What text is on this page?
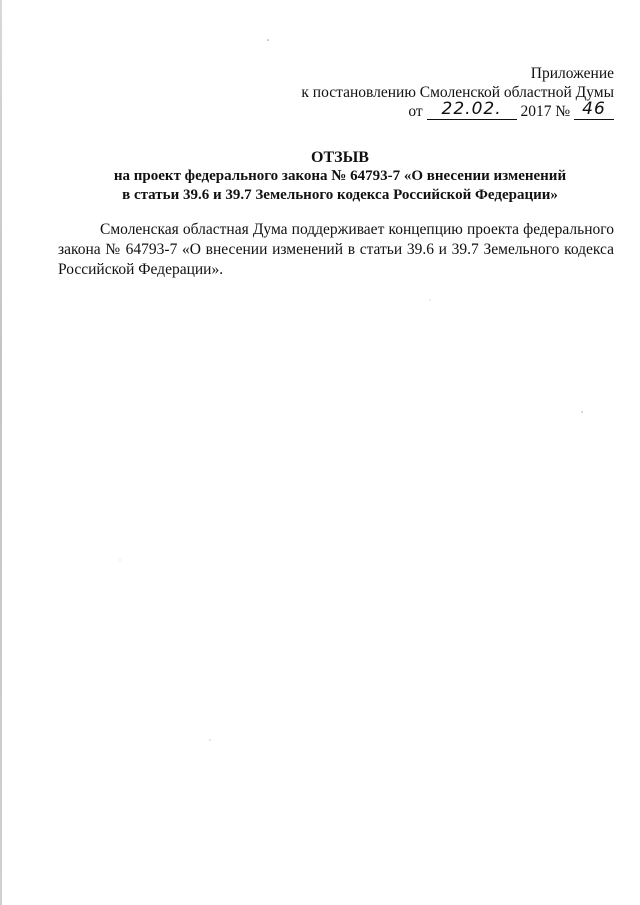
Приложение
к постановлению Смоленской областной Думы
от 22.02. 2017 № 46
ОТЗЫВ
на проект федерального закона № 64793-7 «О внесении изменений
в статьи 39.6 и 39.7 Земельного кодекса Российской Федерации»

Смоленская областная Дума поддерживает концепцию проекта федерального закона № 64793-7 «О внесении изменений в статьи 39.6 и 39.7 Земельного кодекса Российской Федерации».
